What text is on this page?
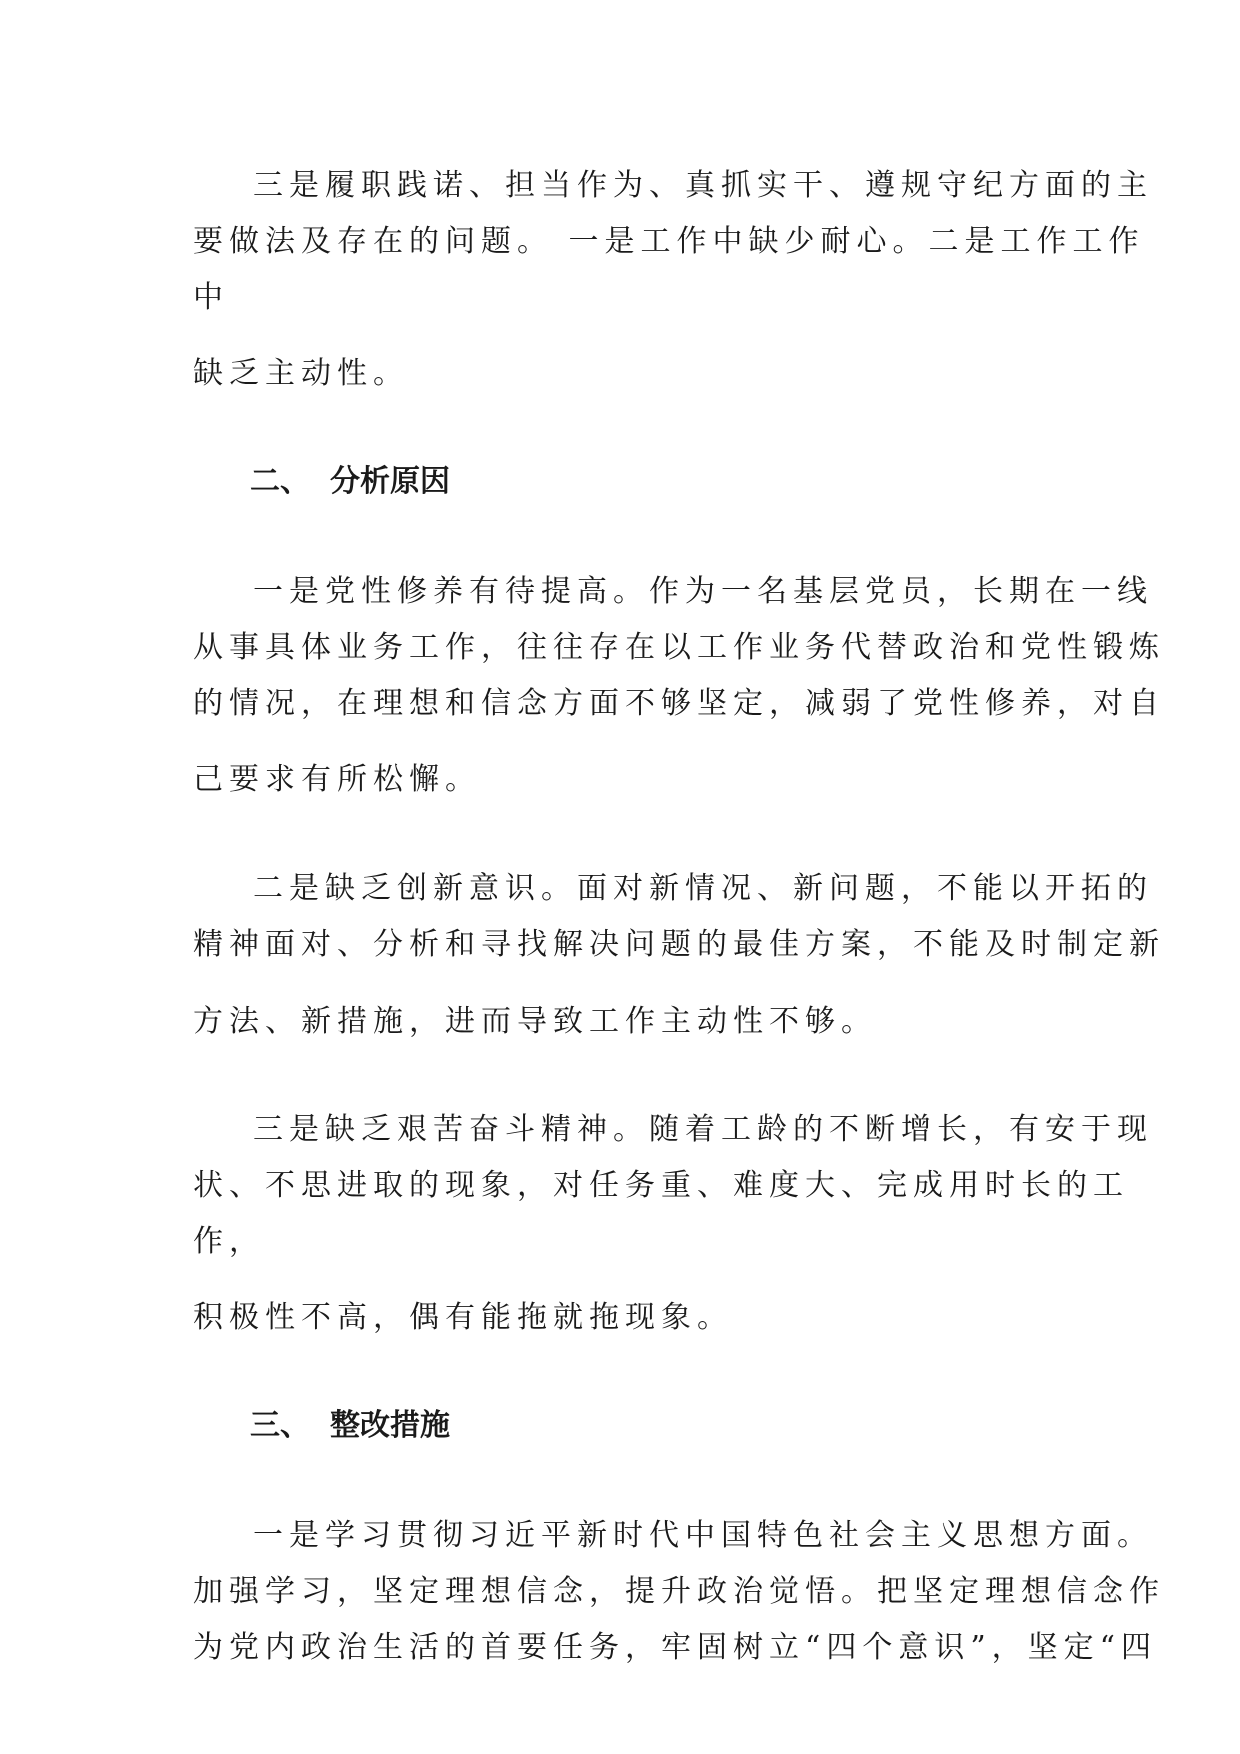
三是履职践诺、担当作为、真抓实干、遵规守纪方面的主
要做法及存在的问题。 一是工作中缺少耐心。二是工作工作
中
缺乏主动性。
二、 分析原因
一是党性修养有待提高。作为一名基层党员，长期在一线
从事具体业务工作，往往存在以工作业务代替政治和党性锻炼
的情况，在理想和信念方面不够坚定，减弱了党性修养，对自
己要求有所松懈。
二是缺乏创新意识。面对新情况、新问题，不能以开拓的
精神面对、分析和寻找解决问题的最佳方案，不能及时制定新
方法、新措施，进而导致工作主动性不够。
三是缺乏艰苦奋斗精神。随着工龄的不断增长，有安于现
状、不思进取的现象，对任务重、难度大、完成用时长的工
作，
积极性不高，偶有能拖就拖现象。
三、 整改措施
一是学习贯彻习近平新时代中国特色社会主义思想方面。
加强学习，坚定理想信念，提升政治觉悟。把坚定理想信念作
为党内政治生活的首要任务，牢固树立“四个意识”，坚定“四
